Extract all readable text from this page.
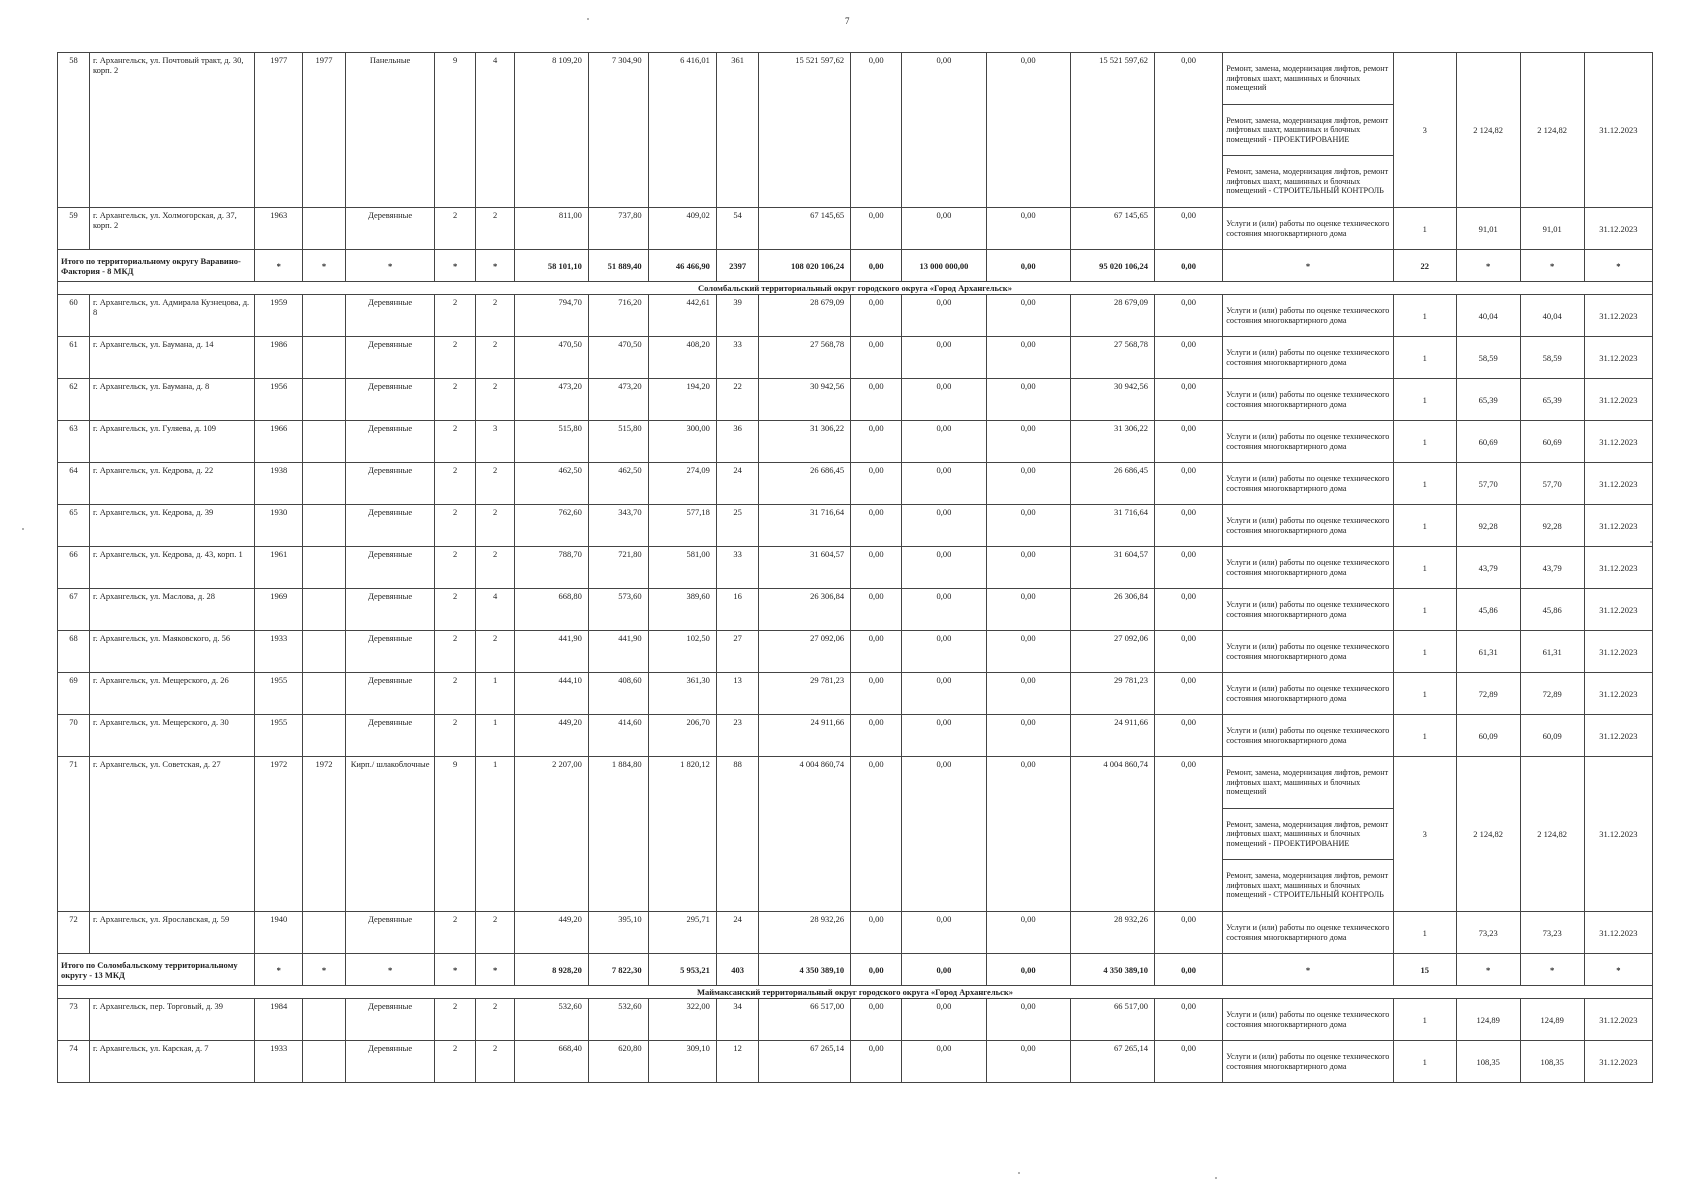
7
58	г. Архангельск, ул. Почтовый тракт, д. 30, корп. 2	1977	1977	Панельные	9	4	8 109,20	7 304,90	6 416,01	361	15 521 597,62	0,00	0,00	0,00	15 521 597,62	0,00	Ремонт, замена, модернизация лифтов, ремонт лифтовых шахт, машинных и блочных помещений
Ремонт, замена, модернизация лифтов, ремонт лифтовых шахт, машинных и блочных помещений - ПРОЕКТИРОВАНИЕ
Ремонт, замена, модернизация лифтов, ремонт лифтовых шахт, машинных и блочных помещений - СТРОИТЕЛЬНЫЙ КОНТРОЛЬ	3	2 124,82	2 124,82	31.12.2023
59	г. Архангельск, ул. Холмогорская, д. 37, корп. 2	1963		Деревянные	2	2	811,00	737,80	409,02	54	67 145,65	0,00	0,00	0,00	67 145,65	0,00	Услуги и (или) работы по оценке технического состояния многоквартирного дома	1	91,01	91,01	31.12.2023
Итого по территориальному округу Варавино-Фактория - 8 МКД		*	*	*	*	*	58 101,10	51 889,40	46 466,90	2397	108 020 106,24	0,00	13 000 000,00	0,00	95 020 106,24	0,00	*	22	*	*	*
Соломбальский территориальный округ городского округа «Город Архангельск»																					
60	г. Архангельск, ул. Адмирала Кузнецова, д. 8	1959		Деревянные	2	2	794,70	716,20	442,61	39	28 679,09	0,00	0,00	0,00	28 679,09	0,00	Услуги и (или) работы по оценке технического состояния многоквартирного дома	1	40,04	40,04	31.12.2023
61	г. Архангельск, ул. Баумана, д. 14	1986		Деревянные	2	2	470,50	470,50	408,20	33	27 568,78	0,00	0,00	0,00	27 568,78	0,00	Услуги и (или) работы по оценке технического состояния многоквартирного дома	1	58,59	58,59	31.12.2023
62	г. Архангельск, ул. Баумана, д. 8	1956		Деревянные	2	2	473,20	473,20	194,20	22	30 942,56	0,00	0,00	0,00	30 942,56	0,00	Услуги и (или) работы по оценке технического состояния многоквартирного дома	1	65,39	65,39	31.12.2023
63	г. Архангельск, ул. Гуляева, д. 109	1966		Деревянные	2	3	515,80	515,80	300,00	36	31 306,22	0,00	0,00	0,00	31 306,22	0,00	Услуги и (или) работы по оценке технического состояния многоквартирного дома	1	60,69	60,69	31.12.2023
64	г. Архангельск, ул. Кедрова, д. 22	1938		Деревянные	2	2	462,50	462,50	274,09	24	26 686,45	0,00	0,00	0,00	26 686,45	0,00	Услуги и (или) работы по оценке технического состояния многоквартирного дома	1	57,70	57,70	31.12.2023
65	г. Архангельск, ул. Кедрова, д. 39	1930		Деревянные	2	2	762,60	343,70	577,18	25	31 716,64	0,00	0,00	0,00	31 716,64	0,00	Услуги и (или) работы по оценке технического состояния многоквартирного дома	1	92,28	92,28	31.12.2023
66	г. Архангельск, ул. Кедрова, д. 43, корп. 1	1961		Деревянные	2	2	788,70	721,80	581,00	33	31 604,57	0,00	0,00	0,00	31 604,57	0,00	Услуги и (или) работы по оценке технического состояния многоквартирного дома	1	43,79	43,79	31.12.2023
67	г. Архангельск, ул. Маслова, д. 28	1969		Деревянные	2	4	668,80	573,60	389,60	16	26 306,84	0,00	0,00	0,00	26 306,84	0,00	Услуги и (или) работы по оценке технического состояния многоквартирного дома	1	45,86	45,86	31.12.2023
68	г. Архангельск, ул. Маяковского, д. 56	1933		Деревянные	2	2	441,90	441,90	102,50	27	27 092,06	0,00	0,00	0,00	27 092,06	0,00	Услуги и (или) работы по оценке технического состояния многоквартирного дома	1	61,31	61,31	31.12.2023
69	г. Архангельск, ул. Мещерского, д. 26	1955		Деревянные	2	1	444,10	408,60	361,30	13	29 781,23	0,00	0,00	0,00	29 781,23	0,00	Услуги и (или) работы по оценке технического состояния многоквартирного дома	1	72,89	72,89	31.12.2023
70	г. Архангельск, ул. Мещерского, д. 30	1955		Деревянные	2	1	449,20	414,60	206,70	23	24 911,66	0,00	0,00	0,00	24 911,66	0,00	Услуги и (или) работы по оценке технического состояния многоквартирного дома	1	60,09	60,09	31.12.2023
71	г. Архангельск, ул. Советская, д. 27	1972	1972	Кирп./ шлакоблочные	9	1	2 207,00	1 884,80	1 820,12	88	4 004 860,74	0,00	0,00	0,00	4 004 860,74	0,00	Ремонт, замена, модернизация лифтов, ремонт лифтовых шахт, машинных и блочных помещений
Ремонт, замена, модернизация лифтов, ремонт лифтовых шахт, машинных и блочных помещений - ПРОЕКТИРОВАНИЕ
Ремонт, замена, модернизация лифтов, ремонт лифтовых шахт, машинных и блочных помещений - СТРОИТЕЛЬНЫЙ КОНТРОЛЬ	3	2 124,82	2 124,82	31.12.2023
72	г. Архангельск, ул. Ярославская, д. 59	1940		Деревянные	2	2	449,20	395,10	295,71	24	28 932,26	0,00	0,00	0,00	28 932,26	0,00	Услуги и (или) работы по оценке технического состояния многоквартирного дома	1	73,23	73,23	31.12.2023
Итого по Соломбальскому территориальному округу - 13 МКД		*	*	*	*	*	8 928,20	7 822,30	5 953,21	403	4 350 389,10	0,00	0,00	0,00	4 350 389,10	0,00	*	15	*	*	*
Маймаксанский территориальный округ городского округа «Город Архангельск»																					
73	г. Архангельск, пер. Торговый, д. 39	1984		Деревянные	2	2	532,60	532,60	322,00	34	66 517,00	0,00	0,00	0,00	66 517,00	0,00	Услуги и (или) работы по оценке технического состояния многоквартирного дома	1	124,89	124,89	31.12.2023
74	г. Архангельск, ул. Карская, д. 7	1933		Деревянные	2	2	668,40	620,80	309,10	12	67 265,14	0,00	0,00	0,00	67 265,14	0,00	Услуги и (или) работы по оценке технического состояния многоквартирного дома	1	108,35	108,35	31.12.2023
